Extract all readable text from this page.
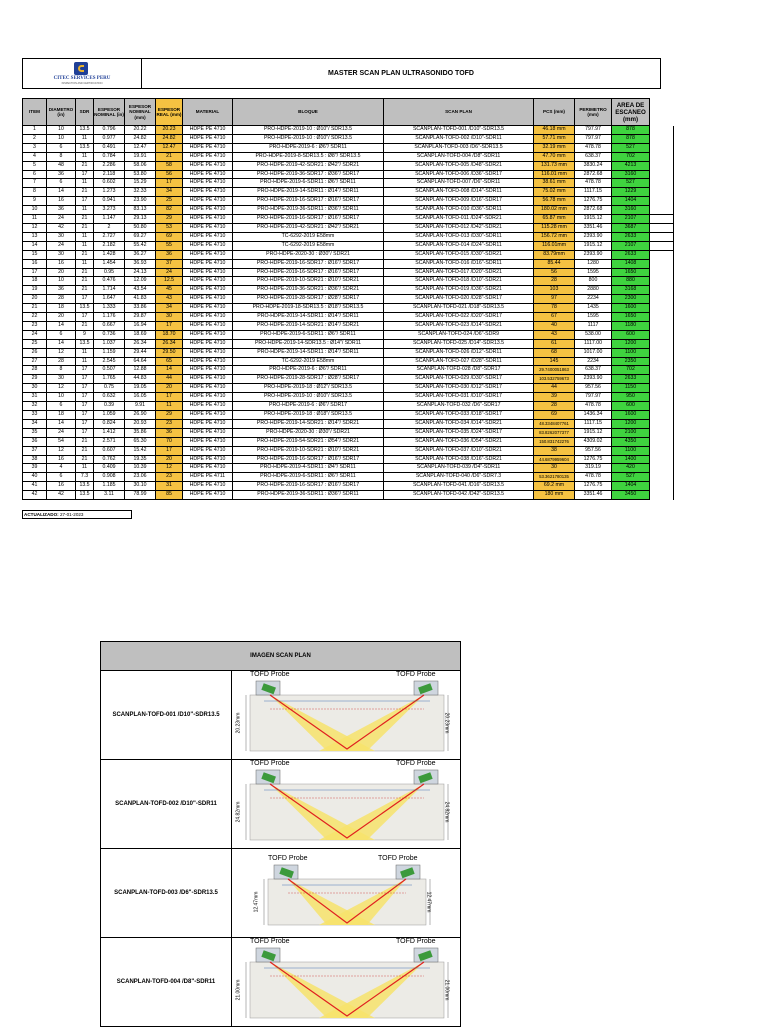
CITEC SERVICES PERU
INSPECTION AND CERTIFICATION
MASTER SCAN PLAN ULTRASONIDO TOFD
ITEM	DIAMETRO (in)	SDR	ESPESOR NOMINAL (in)	ESPESOR NOMINAL (mm)	ESPESOR REAL (mm)	MATERIAL	BLOQUE	SCAN PLAN	PCS (mm)	PERIMETRO (mm)	AREA DE ESCANEO (mm)	
1	10	13.5	0.796	20.22	20.23	HDPE PE 4710	PRO-HDPE-2019-10 : Ø10"/ SDR13.5	SCANPLAN-TOFD-001 /D10"-SDR13.5	46.18 mm	797.97	878	
2	10	11	0.977	24.82	24.82	HDPE PE 4710	PRO-HDPE-2019-10 : Ø10"/ SDR13.5	SCANPLAN-TOFD-002 /D10"-SDR11	57.71 mm	797.97	878	
3	6	13.5	0.491	12.47	12.47	HDPE PE 4710	PRO-HDPE-2019-6 : Ø6"/ SDR11	SCANPLAN-TOFD-003 /D6"-SDR13.5	32.19 mm	478.78	527	
4	8	11	0.784	19.91	21	HDPE PE 4710	PRO-HDPE-2019-8-SDR13.5 : Ø8"/ SDR13.5	SCANPLAN-TOFD-004 /D8"-SDR11	47.70 mm	638.37	702	
5	48	21	2.286	58.06	58	HDPE PE 4710	PRO-HDPE-2019-42-SDR21 : Ø42"/ SDR21	SCANPLAN-TOFD-005 /D48"-SDR21	131.73 mm	3830.24	4213	
6	36	17	2.118	53.80	56	HDPE PE 4710	PRO-HDPE-2019-36-SDR17 : Ø36"/ SDR17	SCANPLAN-TOFD-006 /D36"-SDR17	116.01 mm	2872.68	3160	
7	6	11	0.602	15.29	17	HDPE PE 4710	PRO-HDPE-2019-6-SDR11 : Ø6"/ SDR11	SCANPLAN-TOFD-007 /D6"-SDR11	38.61 mm	478.78	527	
8	14	21	1.273	32.33	34	HDPE PE 4710	PRO-HDPE-2019-14-SDR11 : Ø14"/ SDR11	SCANPLAN-TOFD-008 /D14"-SDR11	75.02 mm	1117.15	1229	
9	16	17	0.941	23.90	25	HDPE PE 4710	PRO-HDPE-2019-16-SDR17 : Ø16"/ SDR17	SCANPLAN-TOFD-009 /D16"-SDR17	56.78 mm	1276.75	1404	
10	36	11	3.273	83.13	82	HDPE PE 4710	PRO-HDPE-2019-36-SDR11 : Ø36"/ SDR11	SCANPLAN-TOFD-010 /D36"-SDR11	180.02 mm	2872.68	3160	
11	24	21	1.147	29.13	29	HDPE PE 4710	PRO-HDPE-2019-16-SDR17 : Ø16"/ SDR17	SCANPLAN-TOFD-011 /D24"-SDR21	65.87 mm	1915.12	2107	
12	42	21	2	50.80	53	HDPE PE 4710	PRO-HDPE-2019-42-SDR21 : Ø42"/ SDR21	SCANPLAN-TOFD-012 /D42"-SDR21	115.28 mm	3351.46	3687	
13	30	11	2.727	69.27	69	HDPE PE 4710	TC-6292-2019 E58mm	SCANPLAN-TOFD-013 /D30"-SDR11	156.72 mm	2393.90	2633	
14	24	11	2.182	55.42	55	HDPE PE 4710	TC-6292-2019 E58mm	SCANPLAN-TOFD-014 /D24"-SDR11	116.01mm	1915.12	2107	
15	30	21	1.428	36.27	36	HDPE PE 4710	PRO-HDPE-2020-30 : Ø30"/ SDR21	SCANPLAN-TOFD-015 /D30"-SDR21	83.79mm	2393.90	2633	
16	16	11	1.454	36.93	37	HDPE PE 4710	PRO-HDPE-2019-16-SDR17 : Ø16"/ SDR17	SCANPLAN-TOFD-016 /D16"-SDR11	85.44	1280	1408	
17	20	21	0.95	24.13	24	HDPE PE 4710	PRO-HDPE-2019-16-SDR17 : Ø16"/ SDR17	SCANPLAN-TOFD-017 /D20"-SDR21	56	1595	1650	
18	10	21	0.476	12.09	12.5	HDPE PE 4710	PRO-HDPE-2019-10-SDR21 : Ø10"/ SDR21	SCANPLAN-TOFD-018 /D10"-SDR21	28	800	880	
19	36	21	1.714	43.54	45	HDPE PE 4710	PRO-HDPE-2019-36-SDR21 : Ø36"/ SDR21	SCANPLAN-TOFD-019 /D36"-SDR21	103	2880	3168	
20	28	17	1.647	41.83	43	HDPE PE 4710	PRO-HDPE-2019-28-SDR17 : Ø28"/ SDR17	SCANPLAN-TOFD-020 /D28"-SDR17	97	2234	2300	
21	18	13.5	1.333	33.86	34	HDPE PE 4710	PRO-HDPE-2019-18-SDR13.5 : Ø18"/ SDR13.5	SCANPLAN-TOFD-021 /D18"-SDR13.5	78	1435	1600	
22	20	17	1.176	29.87	30	HDPE PE 4710	PRO-HDPE-2019-14-SDR11 : Ø14"/ SDR11	SCANPLAN-TOFD-022 /D20"-SDR17	67	1595	1650	
23	14	21	0.667	16.94	17	HDPE PE 4710	PRO-HDPE-2019-14-SDR21 : Ø14"/ SDR21	SCANPLAN-TOFD-023 /D14"-SDR21	40	1117	1180	
24	6	9	0.736	18.69	18.70	HDPE PE 4710	PRO-HDPE-2019-6-SDR11 : Ø6"/ SDR11	SCANPLAN-TOFD-024 /D6"-SDR9	43	538.00	600	
25	14	13.5	1.037	26.34	26.34	HDPE PE 4710	PRO-HDPE-2019-14-SDR13.5 : Ø14"/ SDR11	SCANPLAN-TOFD-025 /D14"-SDR13.5	61	1117.00	1200	
26	12	11	1.159	29.44	29.50	HDPE PE 4710	PRO-HDPE-2019-14-SDR11 : Ø14"/ SDR11	SCANPLAN-TOFD-026 /D12"-SDR11	68	1017.00	1100	
27	28	11	2.545	64.64	65	HDPE PE 4710	TC-6292-2019 E58mm	SCANPLAN-TOFD-027 /D28"-SDR11	145	2234	2350	
28	8	17	0.507	12.88	14	HDPE PE 4710	PRO-HDPE-2019-6 : Ø6"/ SDR11	SCANPLAN-TOFD-028 /D8"-SDR17	29.7400051863	638.37	702	
29	30	17	1.765	44.83	44	HDPE PE 4710	PRO-HDPE-2019-28-SDR17 : Ø28"/ SDR17	SCANPLAN-TOFD-029 /D30"-SDR17	103.532759673	2393.90	2633	
30	12	17	0.75	19.05	20	HDPE PE 4710	PRO-HDPE-2019-18 : Ø12"/ SDR13.5	SCANPLAN-TOFD-030 /D12"-SDR17	44	957.56	1150	
31	10	17	0.632	16.05	17	HDPE PE 4710	PRO-HDPE-2019-10 : Ø10"/ SDR13.5	SCANPLAN-TOFD-031 /D10"-SDR17	39	797.97	950	
32	6	17	0.39	9.91	11	HDPE PE 4710	PRO-HDPE-2019-6 : Ø6"/ SDR17	SCANPLAN-TOFD-032 /D6"-SDR17	28	478.78	600	
33	18	17	1.059	26.90	29	HDPE PE 4710	PRO-HDPE-2019-18 : Ø18"/ SDR13.5	SCANPLAN-TOFD-033 /D18"-SDR17	69	1436.34	1600	
34	14	17	0.824	20.93	23	HDPE PE 4710	PRO-HDPE-2019-14-SDR21 : Ø14"/ SDR21	SCANPLAN-TOFD-034 /D14"-SDR21	48.3348407761	1117.15	1200	
35	24	17	1.412	35.86	36	HDPE PE 4710	PRO-HDPE-2020-30 : Ø30"/ SDR21	SCANPLAN-TOFD-035 /D24"-SDR17	83.8262077377	1915.12	2100	
36	54	21	2.571	65.30	70	HDPE PE 4710	PRO-HDPE-2019-54-SDR21 : Ø54"/ SDR21	SCANPLAN-TOFD-036 /D54"-SDR21	150.831742276	4309.02	4350	
37	12	21	0.607	15.42	17	HDPE PE 4710	PRO-HDPE-2019-10-SDR21 : Ø10"/ SDR21	SCANPLAN-TOFD-037 /D10"-SDR21	38	957.56	1100	
38	16	21	0.762	19.35	20	HDPE PE 4710	PRO-HDPE-2019-16-SDR17 : Ø16"/ SDR17	SCANPLAN-TOFD-038 /D16"-SDR21	44.6879959604	1276.75	1400	
39	4	11	0.409	10.39	12	HDPE PE 4710	PRO-HDPE-2019-4-SDR11 : Ø4"/ SDR11	SCANPLAN-TOFD-039 /D4"-SDR11	30	319.19	420	
40	6	7.3	0.908	23.06	23	HDPE PE 4711	PRO-HDPE-2019-6-SDR11 : Ø6"/ SDR11	SCANPLAN-TOFD-040 /D6"-SDR7.3	53.3621780135	478.78	527	
41	16	13.5	1.185	30.10	31	HDPE PE 4710	PRO-HDPE-2019-16-SDR17 : Ø16"/ SDR17	SCANPLAN-TOFD-041 /D16"-SDR13.5	69.2 mm	1276.75	1404	
42	42	13.5	3.11	78.99	85	HDPE PE 4710	PRO-HDPE-2019-36-SDR11 : Ø36"/ SDR11	SCANPLAN-TOFD-042 /D42"-SDR13.5	180 mm	3351.46	3450	
ACTUALIZADO: 27-01-2023
IMAGEN SCAN PLAN
SCANPLAN-TOFD-001 /D10"-SDR13.5
TOFD Probe	TOFD Probe
20.23mm	20.23mm
SCANPLAN-TOFD-002 /D10"-SDR11
TOFD Probe	TOFD Probe
24.82mm	24.82mm
SCANPLAN-TOFD-003 /D6"-SDR13.5
TOFD Probe	TOFD Probe
12.47mm	12.47mm
SCANPLAN-TOFD-004 /D8"-SDR11
TOFD Probe	TOFD Probe
21.00mm	21.00mm
